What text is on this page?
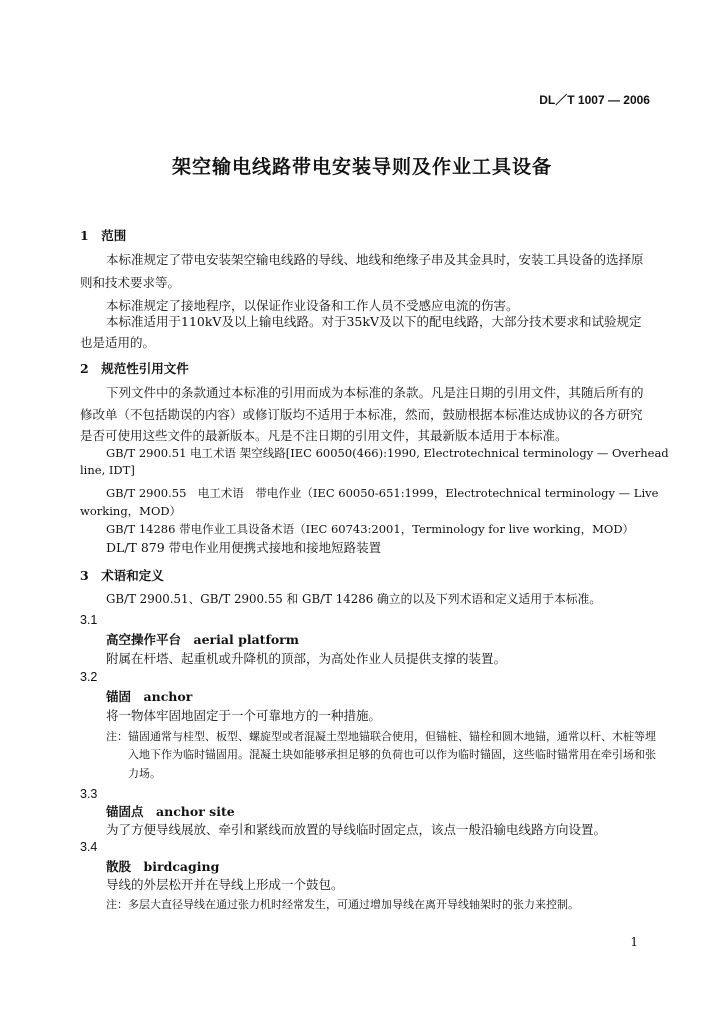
DL／T 1007 — 2006
架空输电线路带电安装导则及作业工具设备
1　范围
本标准规定了带电安装架空输电线路的导线、地线和绝缘子串及其金具时，安装工具设备的选择原
则和技术要求等。
本标准规定了接地程序，以保证作业设备和工作人员不受感应电流的伤害。
本标准适用于110kV及以上输电线路。对于35kV及以下的配电线路，大部分技术要求和试验规定
也是适用的。
2　规范性引用文件
下列文件中的条款通过本标准的引用而成为本标准的条款。凡是注日期的引用文件，其随后所有的
修改单（不包括勘误的内容）或修订版均不适用于本标准，然而，鼓励根据本标准达成协议的各方研究
是否可使用这些文件的最新版本。凡是不注日期的引用文件，其最新版本适用于本标准。
GB/T 2900.51 电工术语 架空线路[IEC 60050(466):1990, Electrotechnical terminology — Overhead
line, IDT]
GB/T 2900.55　电工术语　带电作业（IEC 60050-651:1999，Electrotechnical terminology — Live
working，MOD）
GB/T 14286 带电作业工具设备术语（IEC 60743:2001，Terminology for live working，MOD）
DL/T 879 带电作业用便携式接地和接地短路装置
3　术语和定义
GB/T 2900.51、GB/T 2900.55 和 GB/T 14286 确立的以及下列术语和定义适用于本标准。
3.1
高空操作平台　aerial platform
附属在杆塔、起重机或升降机的顶部，为高处作业人员提供支撑的装置。
3.2
锚固　anchor
将一物体牢固地固定于一个可靠地方的一种措施。
注：锚固通常与桂型、板型、螺旋型或者混凝土型地锚联合使用，但锚桩、锚栓和圆木地锚，通常以杆、木桩等埋
入地下作为临时锚固用。混凝土块如能够承担足够的负荷也可以作为临时锚固，这些临时锚常用在牵引场和张
力场。
3.3
锚固点　anchor site
为了方便导线展放、牵引和紧线而放置的导线临时固定点，该点一般沿输电线路方向设置。
3.4
散股　birdcaging
导线的外层松开并在导线上形成一个鼓包。
注：多层大直径导线在通过张力机时经常发生，可通过增加导线在离开导线轴架时的张力来控制。
1
